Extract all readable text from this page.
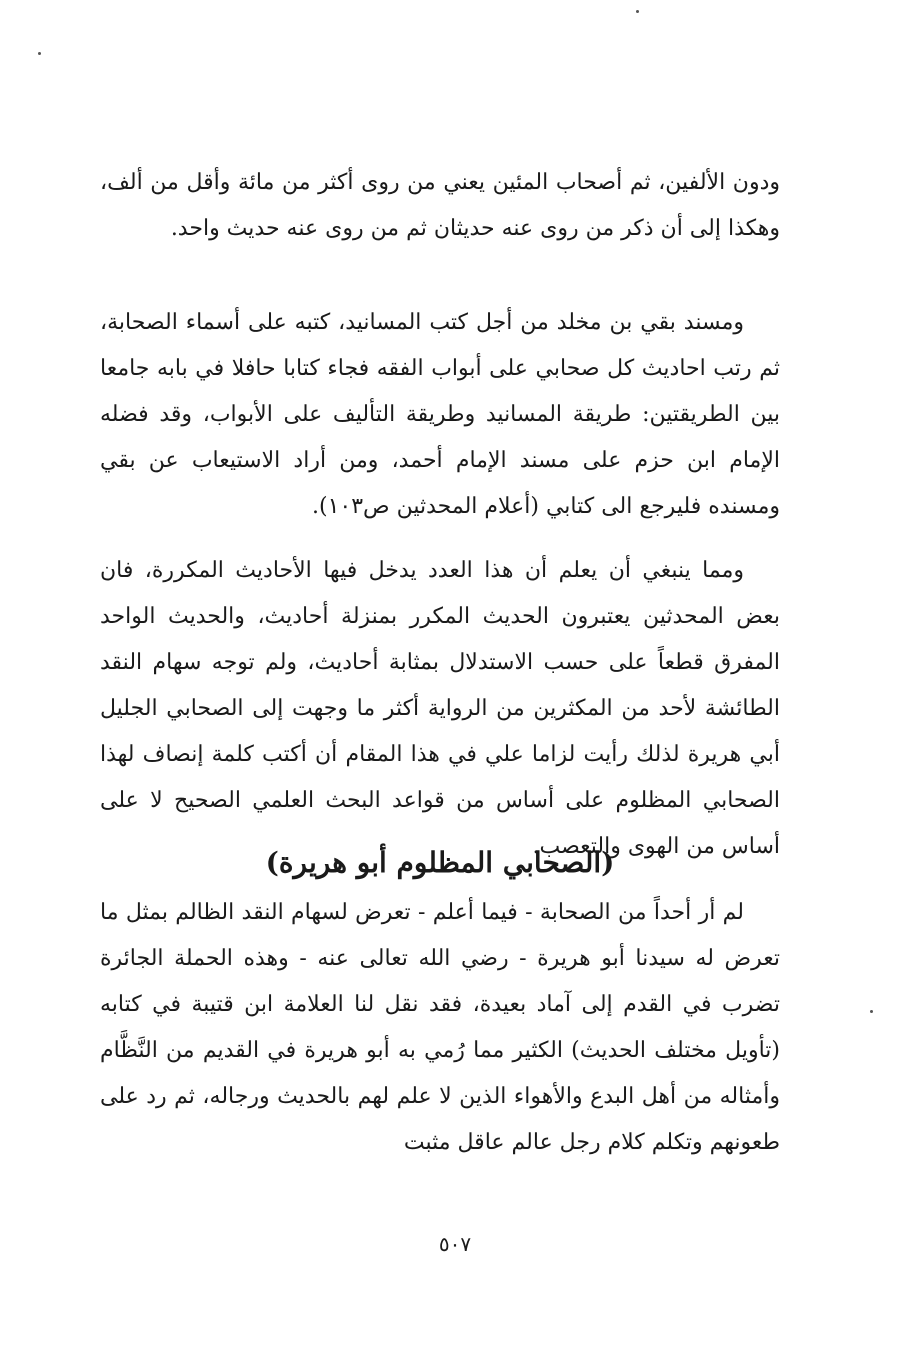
ودون الألفين، ثم أصحاب المئين يعني من روى أكثر من مائة وأقل من ألف، وهكذا إلى أن ذكر من روى عنه حديثان ثم من روى عنه حديث واحد.

ومسند بقي بن مخلد من أجل كتب المسانيد، كتبه على أسماء الصحابة، ثم رتب احاديث كل صحابي على أبواب الفقه فجاء كتابا حافلا في بابه جامعا بين الطريقتين: طريقة المسانيد وطريقة التأليف على الأبواب، وقد فضله الإمام ابن حزم على مسند الإمام أحمد، ومن أراد الاستيعاب عن بقي ومسنده فليرجع الى كتابي (أعلام المحدثين ص١٠٣).

ومما ينبغي أن يعلم أن هذا العدد يدخل فيها الأحاديث المكررة، فان بعض المحدثين يعتبرون الحديث المكرر بمنزلة أحاديث، والحديث الواحد المفرق قطعاً على حسب الاستدلال بمثابة أحاديث، ولم توجه سهام النقد الطائشة لأحد من المكثرين من الرواية أكثر ما وجهت إلى الصحابي الجليل أبي هريرة لذلك رأيت لزاما علي في هذا المقام أن أكتب كلمة إنصاف لهذا الصحابي المظلوم على أساس من قواعد البحث العلمي الصحيح لا على أساس من الهوى والتعصب.

(الصحابي المظلوم أبو هريرة)

لم أر أحداً من الصحابة - فيما أعلم - تعرض لسهام النقد الظالم بمثل ما تعرض له سيدنا أبو هريرة - رضي الله تعالى عنه - وهذه الحملة الجائرة تضرب في القدم إلى آماد بعيدة، فقد نقل لنا العلامة ابن قتيبة في كتابه (تأويل مختلف الحديث) الكثير مما رُمي به أبو هريرة في القديم من النَّظَّام وأمثاله من أهل البدع والأهواء الذين لا علم لهم بالحديث ورجاله، ثم رد على طعونهم وتكلم كلام رجل عالم عاقل مثبت

٥٠٧
